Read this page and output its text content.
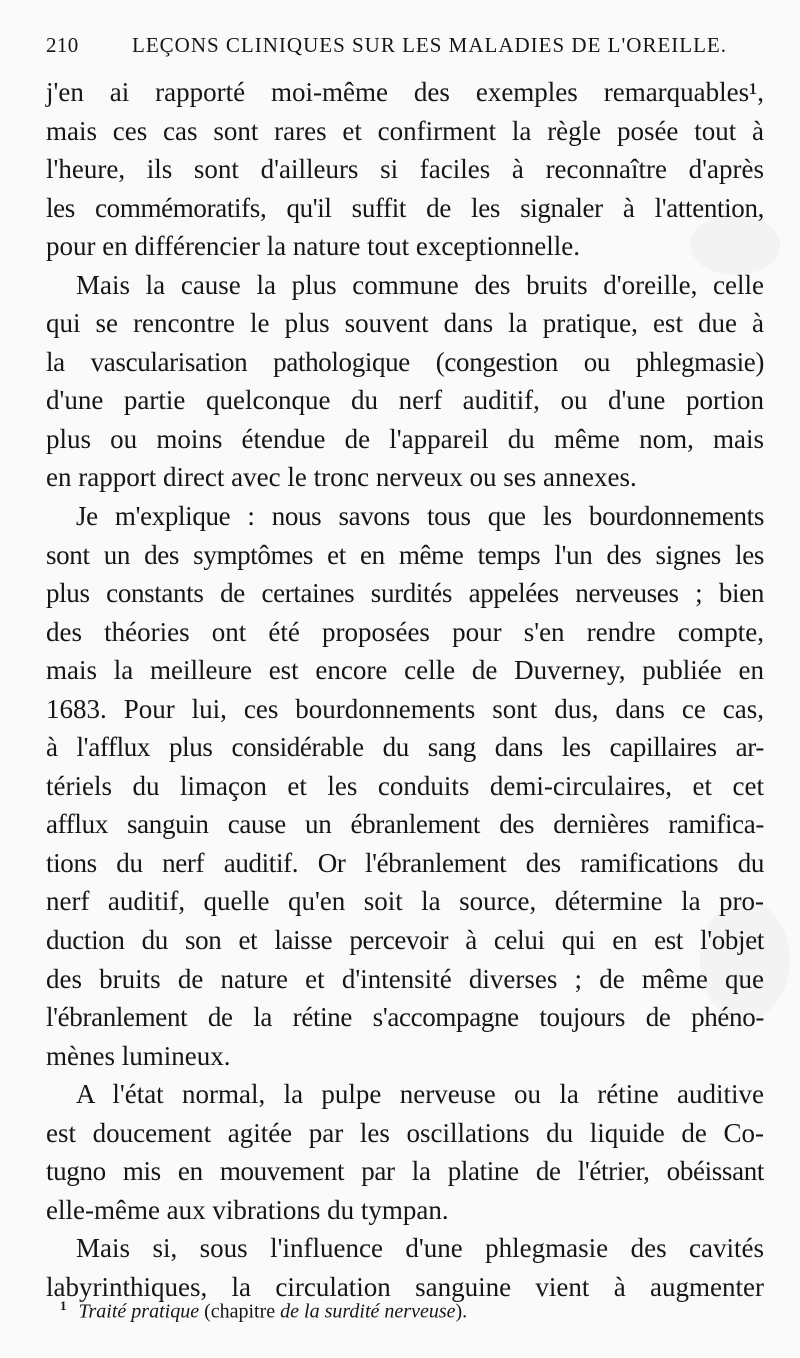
210	LEÇONS CLINIQUES SUR LES MALADIES DE L'OREILLE.
j'en ai rapporté moi-même des exemples remarquables¹,
mais ces cas sont rares et confirment la règle posée tout à
l'heure, ils sont d'ailleurs si faciles à reconnaître d'après
les commémoratifs, qu'il suffit de les signaler à l'attention,
pour en différencier la nature tout exceptionnelle.
Mais la cause la plus commune des bruits d'oreille, celle
qui se rencontre le plus souvent dans la pratique, est due à
la vascularisation pathologique (congestion ou phlegmasie)
d'une partie quelconque du nerf auditif, ou d'une portion
plus ou moins étendue de l'appareil du même nom, mais
en rapport direct avec le tronc nerveux ou ses annexes.
Je m'explique : nous savons tous que les bourdonnements
sont un des symptômes et en même temps l'un des signes les
plus constants de certaines surdités appelées nerveuses ; bien
des théories ont été proposées pour s'en rendre compte,
mais la meilleure est encore celle de Duverney, publiée en
1683. Pour lui, ces bourdonnements sont dus, dans ce cas,
à l'afflux plus considérable du sang dans les capillaires ar-
tériels du limaçon et les conduits demi-circulaires, et cet
afflux sanguin cause un ébranlement des dernières ramifica-
tions du nerf auditif. Or l'ébranlement des ramifications du
nerf auditif, quelle qu'en soit la source, détermine la pro-
duction du son et laisse percevoir à celui qui en est l'objet
des bruits de nature et d'intensité diverses ; de même que
l'ébranlement de la rétine s'accompagne toujours de phéno-
mènes lumineux.
A l'état normal, la pulpe nerveuse ou la rétine auditive
est doucement agitée par les oscillations du liquide de Co-
tugno mis en mouvement par la platine de l'étrier, obéissant
elle-même aux vibrations du tympan.
Mais si, sous l'influence d'une phlegmasie des cavités
labyrinthiques, la circulation sanguine vient à augmenter
$^1$ Traité pratique (chapitre de la surdité nerveuse).
